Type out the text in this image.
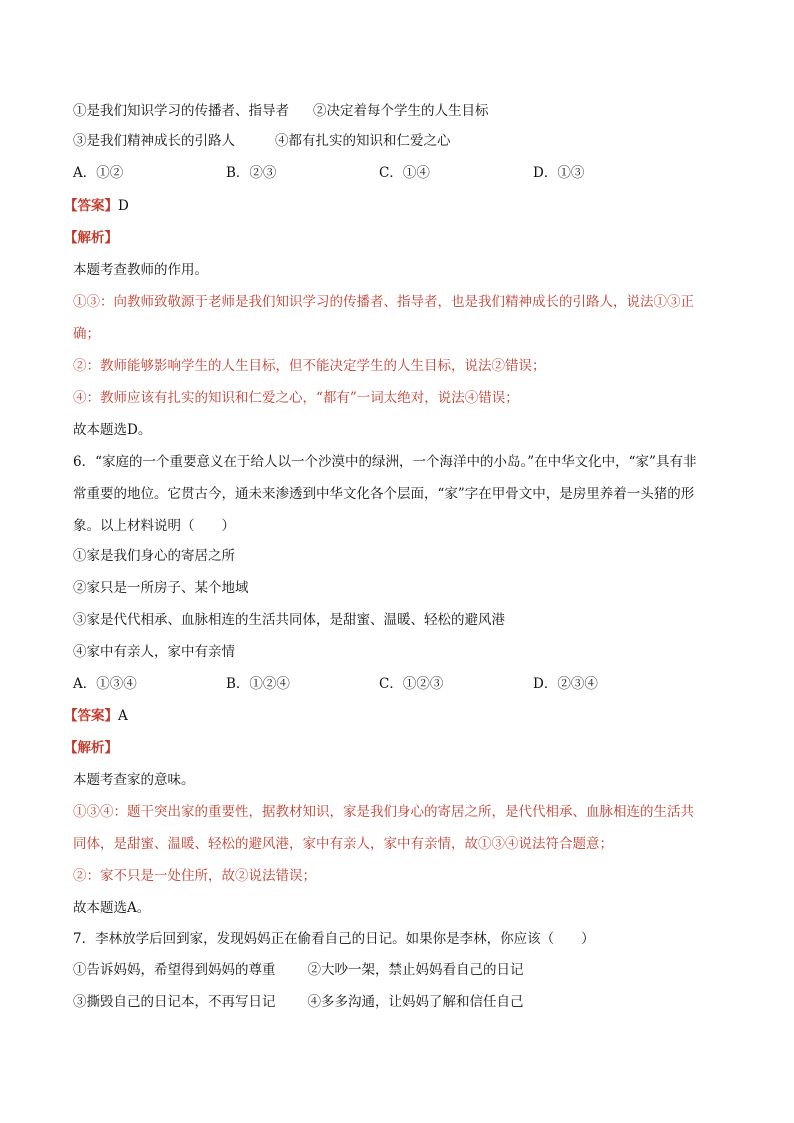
①是我们知识学习的传播者、指导者 ②决定着每个学生的人生目标
③是我们精神成长的引路人	④都有扎实的知识和仁爱之心
A．①②	B．②③	C．①④	D．①③
【答案】D
【解析】
本题考查教师的作用。
①③：向教师致敬源于老师是我们知识学习的传播者、指导者，也是我们精神成长的引路人，说法①③正
确；
②：教师能够影响学生的人生目标，但不能决定学生的人生目标，说法②错误；
④：教师应该有扎实的知识和仁爱之心，“都有”一词太绝对，说法④错误；
故本题选D。
6．“家庭的一个重要意义在于给人以一个沙漠中的绿洲，一个海洋中的小岛。”在中华文化中，“家”具有非
常重要的地位。它贯古今，通未来渗透到中华文化各个层面，“家”字在甲骨文中，是房里养着一头猪的形
象。以上材料说明（　　）
①家是我们身心的寄居之所
②家只是一所房子、某个地域
③家是代代相承、血脉相连的生活共同体，是甜蜜、温暖、轻松的避风港
④家中有亲人，家中有亲情
A．①③④	B．①②④	C．①②③	D．②③④
【答案】A
【解析】
本题考查家的意味。
①③④：题干突出家的重要性，据教材知识，家是我们身心的寄居之所，是代代相承、血脉相连的生活共
同体，是甜蜜、温暖、轻松的避风港，家中有亲人，家中有亲情，故①③④说法符合题意；
②：家不只是一处住所，故②说法错误；
故本题选A。
7．李林放学后回到家，发现妈妈正在偷看自己的日记。如果你是李林，你应该（　　）
①告诉妈妈，希望得到妈妈的尊重 ②大吵一架，禁止妈妈看自己的日记
③撕毁自己的日记本，不再写日记 ④多多沟通，让妈妈了解和信任自己
